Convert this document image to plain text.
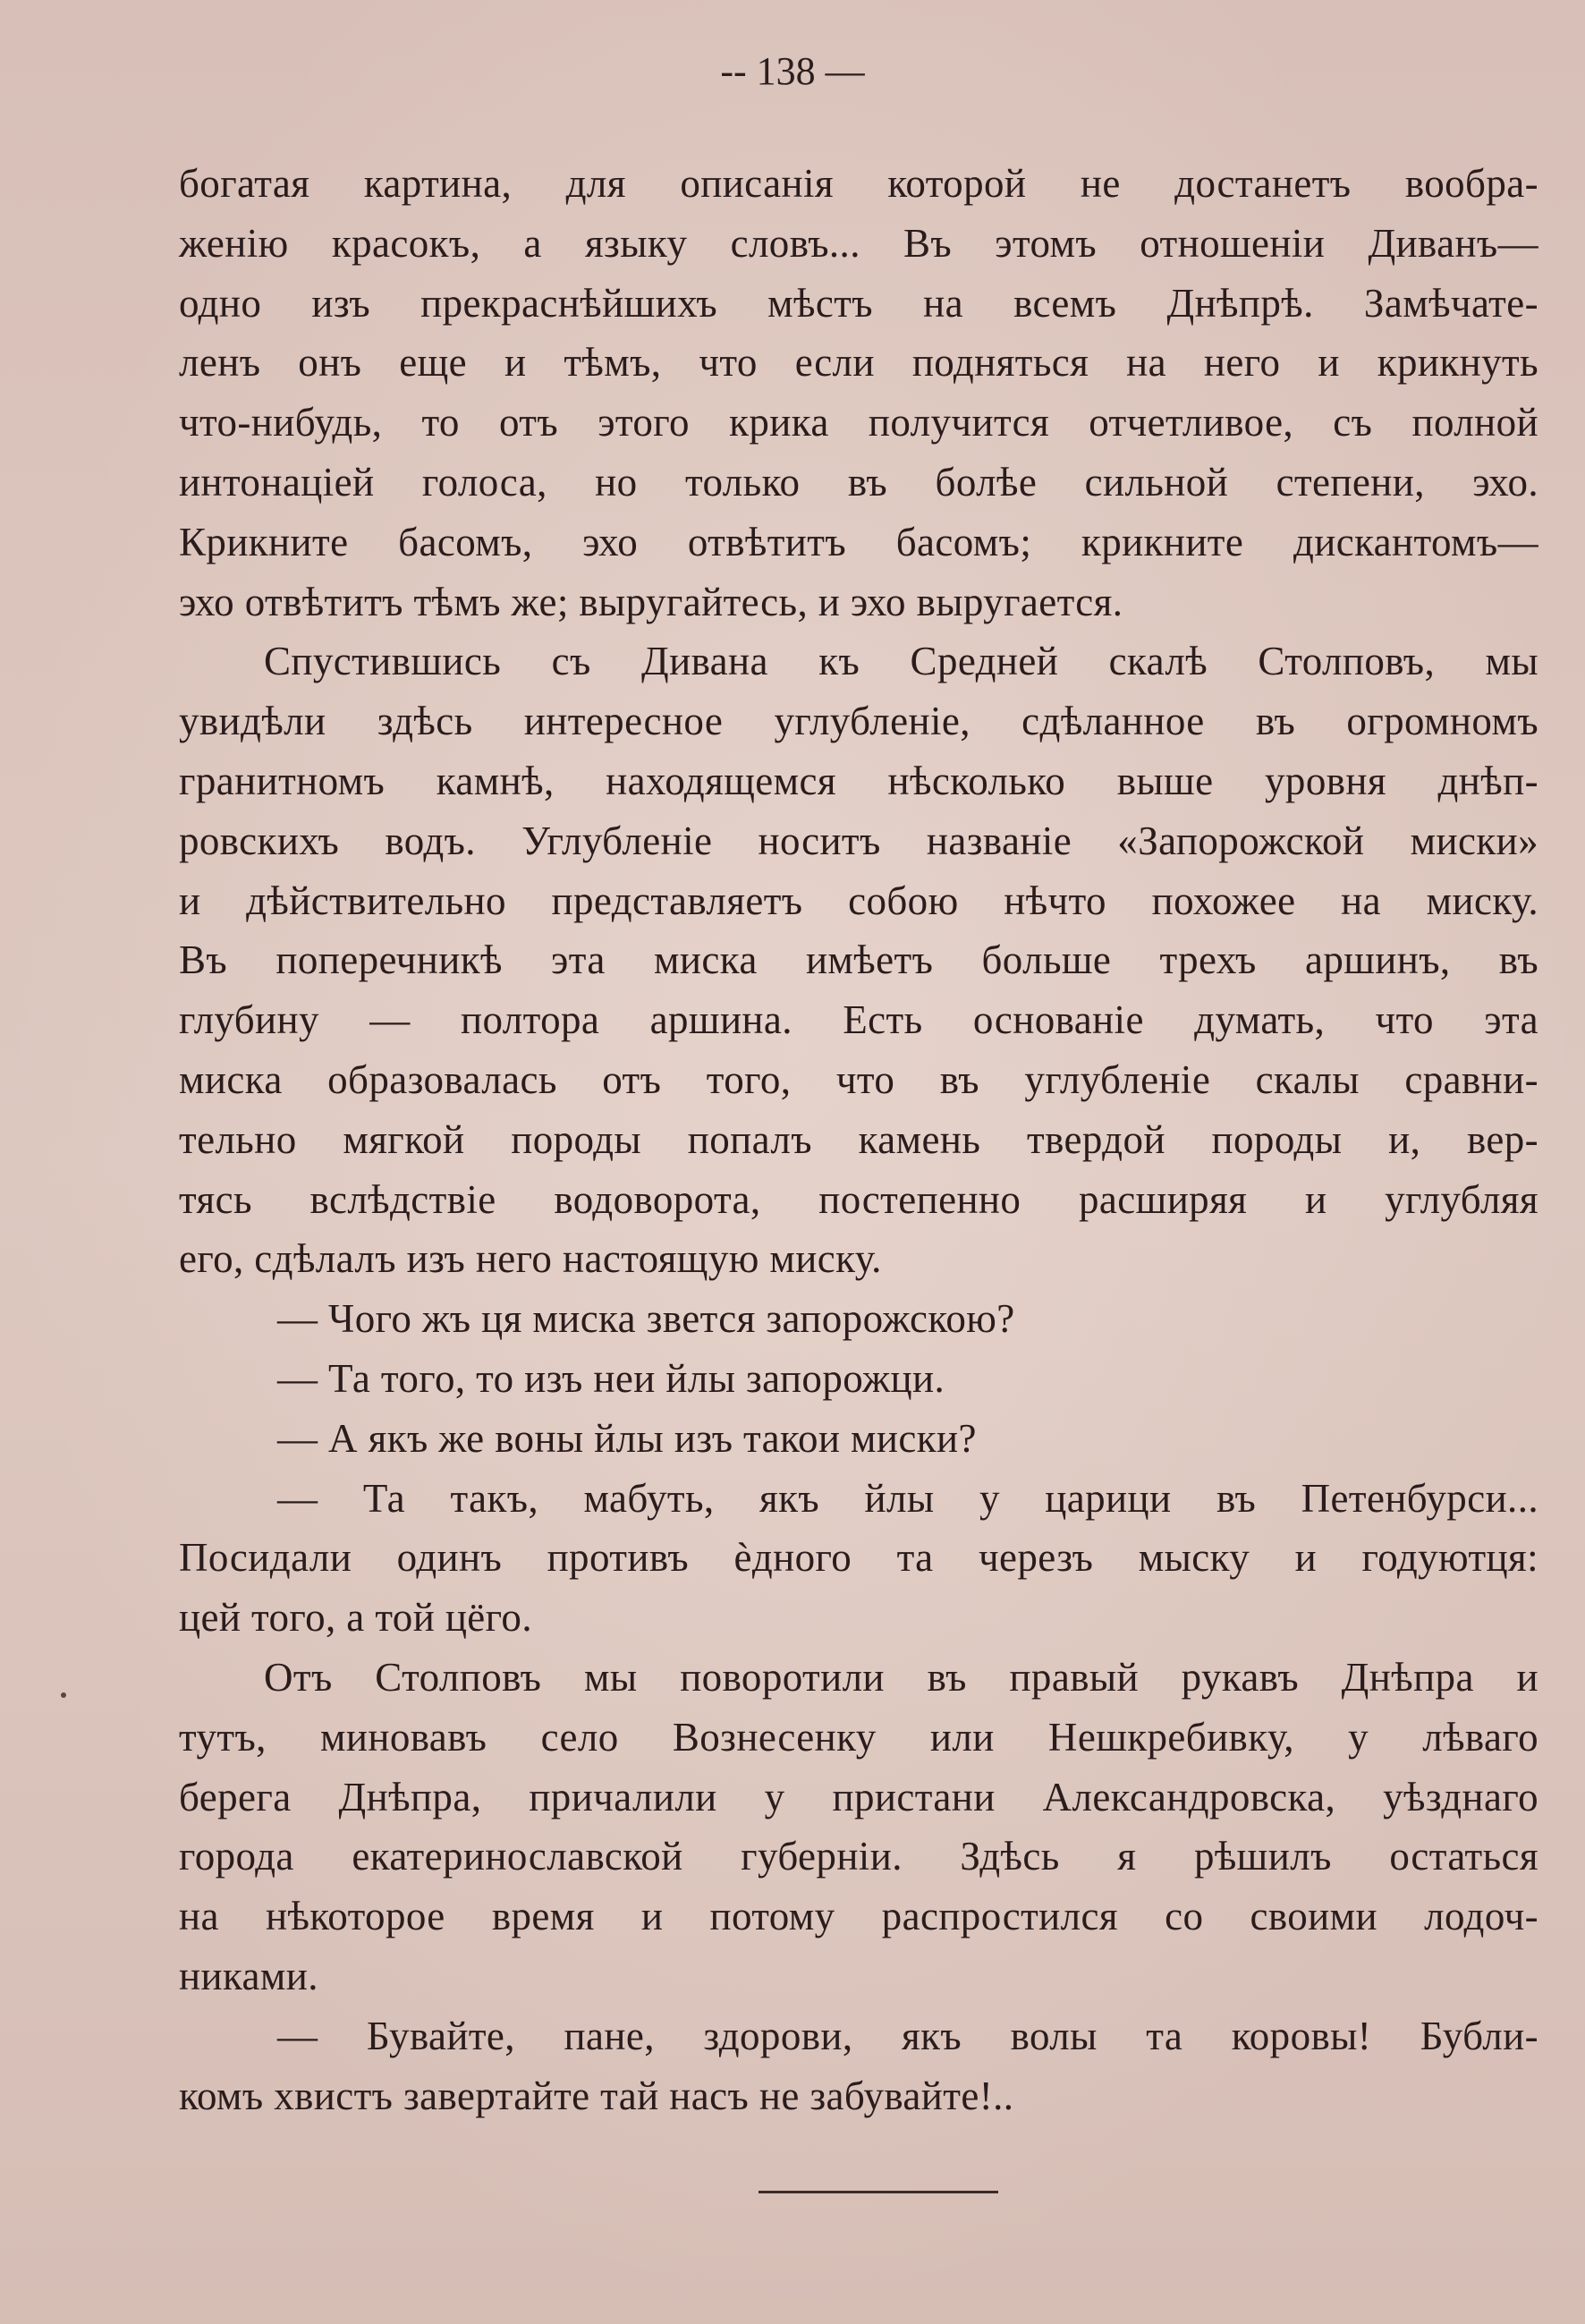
-- 138 —
богатая картина, для описанія которой не достанетъ вообра-
женію красокъ, а языку словъ... Въ этомъ отношеніи Диванъ—
одно изъ прекраснѣйшихъ мѣстъ на всемъ Днѣпрѣ. Замѣчате-
ленъ онъ еще и тѣмъ, что если подняться на него и крикнуть
что-нибудь, то отъ этого крика получится отчетливое, съ полной
интонаціей голоса, но только въ болѣе сильной степени, эхо.
Крикните басомъ, эхо отвѣтитъ басомъ; крикните дискантомъ—
эхо отвѣтитъ тѣмъ же; выругайтесь, и эхо выругается.
Спустившись съ Дивана къ Средней скалѣ Столповъ, мы
увидѣли здѣсь интересное углубленіе, сдѣланное въ огромномъ
гранитномъ камнѣ, находящемся нѣсколько выше уровня днѣп-
ровскихъ водъ. Углубленіе носитъ названіе «Запорожской миски»
и дѣйствительно представляетъ собою нѣчто похожее на миску.
Въ поперечникѣ эта миска имѣетъ больше трехъ аршинъ, въ
глубину — полтора аршина. Есть основаніе думать, что эта
миска образовалась отъ того, что въ углубленіе скалы сравни-
тельно мягкой породы попалъ камень твердой породы и, вер-
тясь вслѣдствіе водоворота, постепенно расширяя и углубляя
его, сдѣлалъ изъ него настоящую миску.
— Чого жъ ця миска звется запорожскою?
— Та того, то изъ неи йлы запорожци.
— А якъ же воны йлы изъ такои миски?
— Та такъ, мабуть, якъ йлы у царици въ Петенбурси...
Посидали одинъ противъ ѐдного та черезъ мыску и годуютця:
цей того, а той цёго.
Отъ Столповъ мы поворотили въ правый рукавъ Днѣпра и
тутъ, миновавъ село Вознесенку или Нешкребивку, у лѣваго
берега Днѣпра, причалили у пристани Александровска, уѣзднаго
города екатеринославской губерніи. Здѣсь я рѣшилъ остаться
на нѣкоторое время и потому распростился со своими лодоч-
никами.
— Бувайте, пане, здорови, якъ волы та коровы! Бубли-
комъ хвистъ завертайте тай насъ не забувайте!..
